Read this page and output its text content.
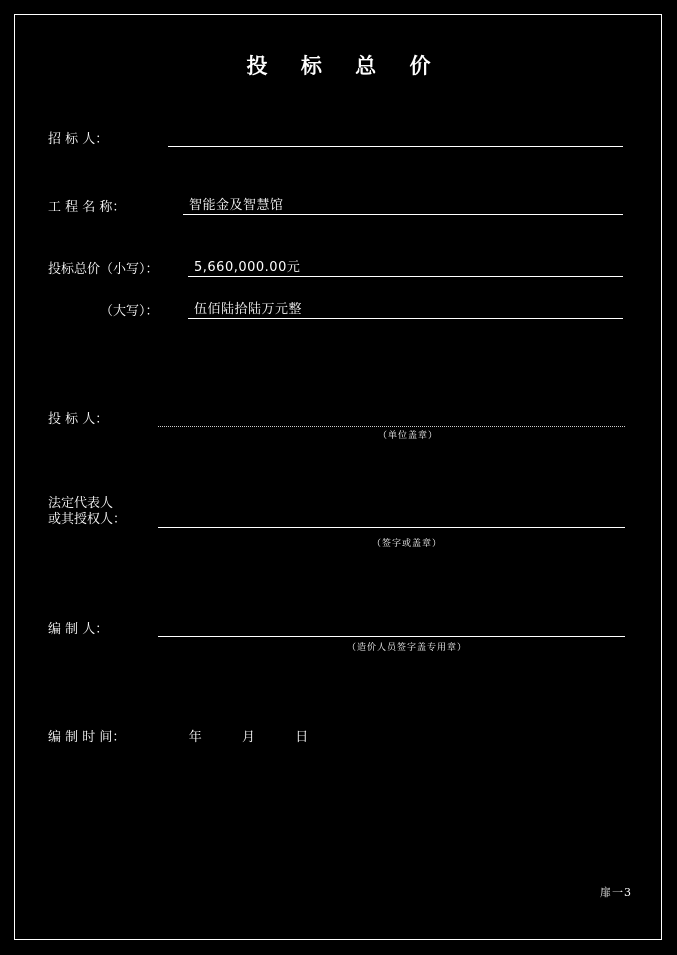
投 标 总 价
招 标 人：
工 程 名 称：	智能金及智慧馆
投标总价（小写）：	5,660,000.00元
（大写）：	伍佰陆拾陆万元整
投 标 人：
（单位盖章）
法定代表人
或其授权人：
（签字或盖章）
编 制 人：
（造价人员签字盖专用章）
编 制 时 间：	年	月	日
扉一3
